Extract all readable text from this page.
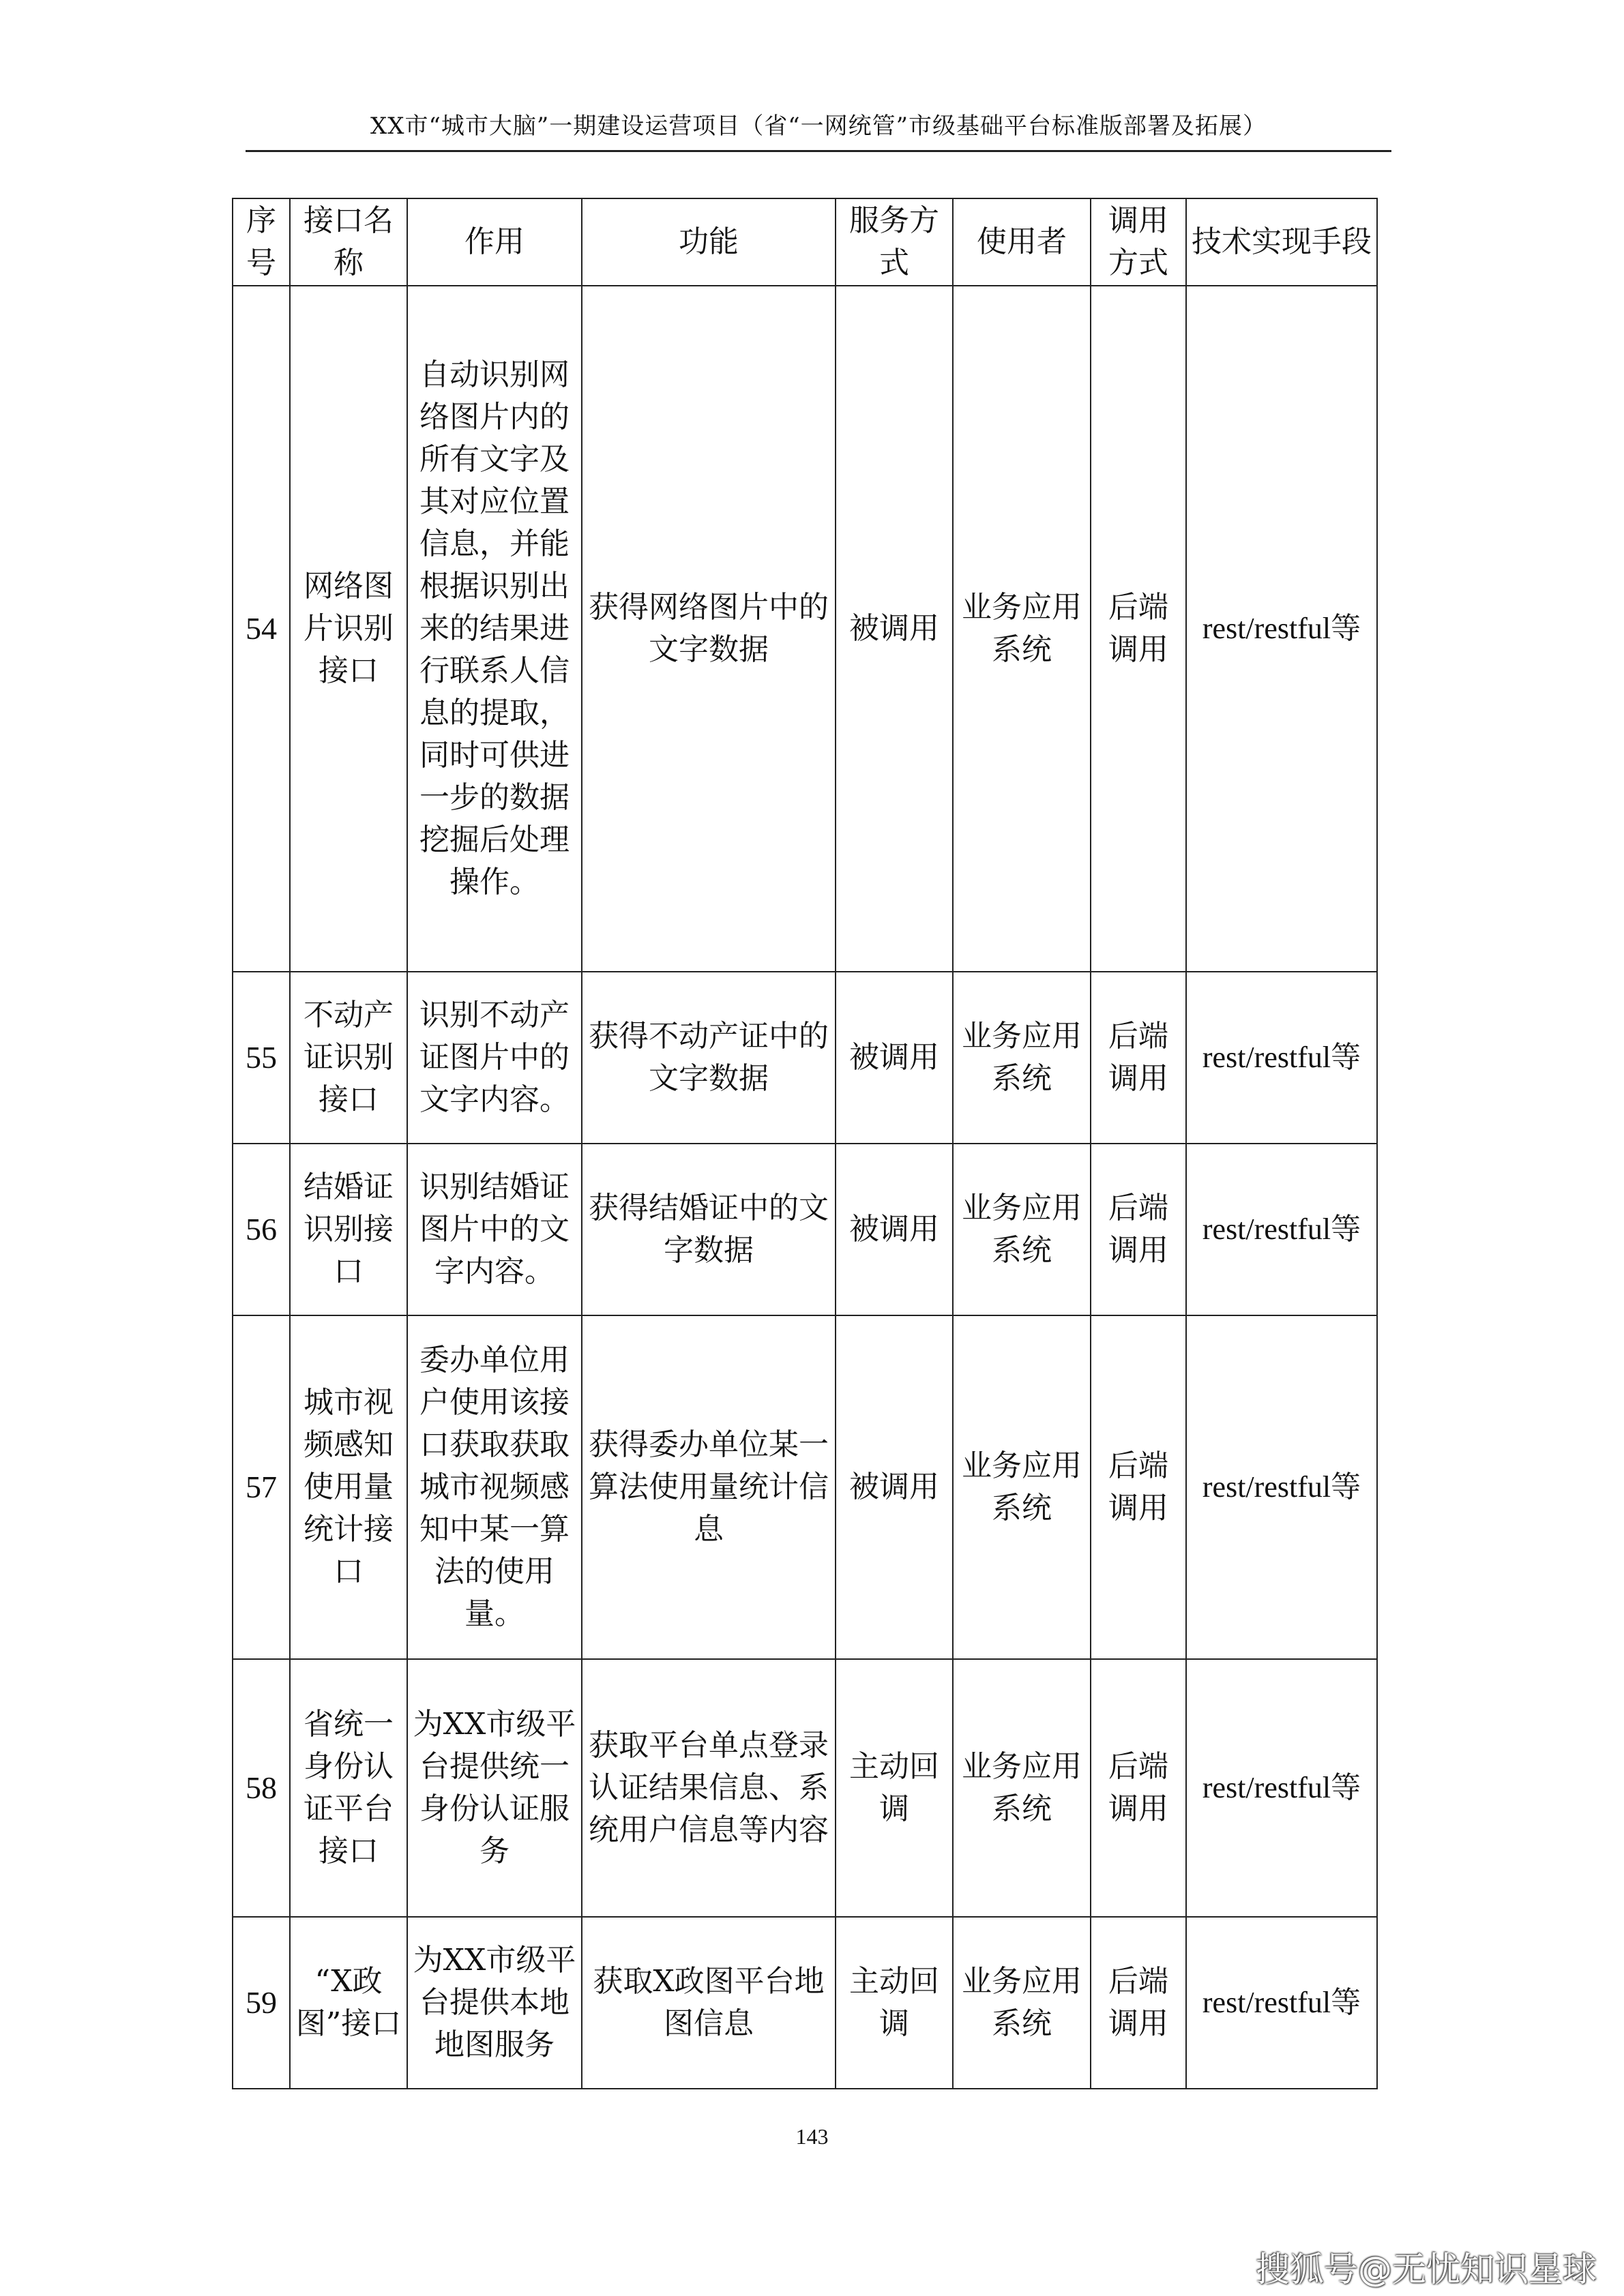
XX市“城市大脑”一期建设运营项目（省“一网统管”市级基础平台标准版部署及拓展）
序号	接口名称	作用	功能	服务方式	使用者	调用方式	技术实现手段
54	网络图片识别接口	自动识别网络图片内的所有文字及其对应位置信息，并能根据识别出来的结果进行联系人信息的提取，同时可供进一步的数据挖掘后处理操作。	获得网络图片中的文字数据	被调用	业务应用系统	后端调用	rest/restful等
55	不动产证识别接口	识别不动产证图片中的文字内容。	获得不动产证中的文字数据	被调用	业务应用系统	后端调用	rest/restful等
56	结婚证识别接口	识别结婚证图片中的文字内容。	获得结婚证中的文字数据	被调用	业务应用系统	后端调用	rest/restful等
57	城市视频感知使用量统计接口	委办单位用户使用该接口获取获取城市视频感知中某一算法的使用量。	获得委办单位某一算法使用量统计信息	被调用	业务应用系统	后端调用	rest/restful等
58	省统一身份认证平台接口	为XX市级平台提供统一身份认证服务	获取平台单点登录认证结果信息、系统用户信息等内容	主动回调	业务应用系统	后端调用	rest/restful等
59	“X政图”接口	为XX市级平台提供本地地图服务	获取X政图平台地图信息	主动回调	业务应用系统	后端调用	rest/restful等
143
搜狐号@无忧知识星球
